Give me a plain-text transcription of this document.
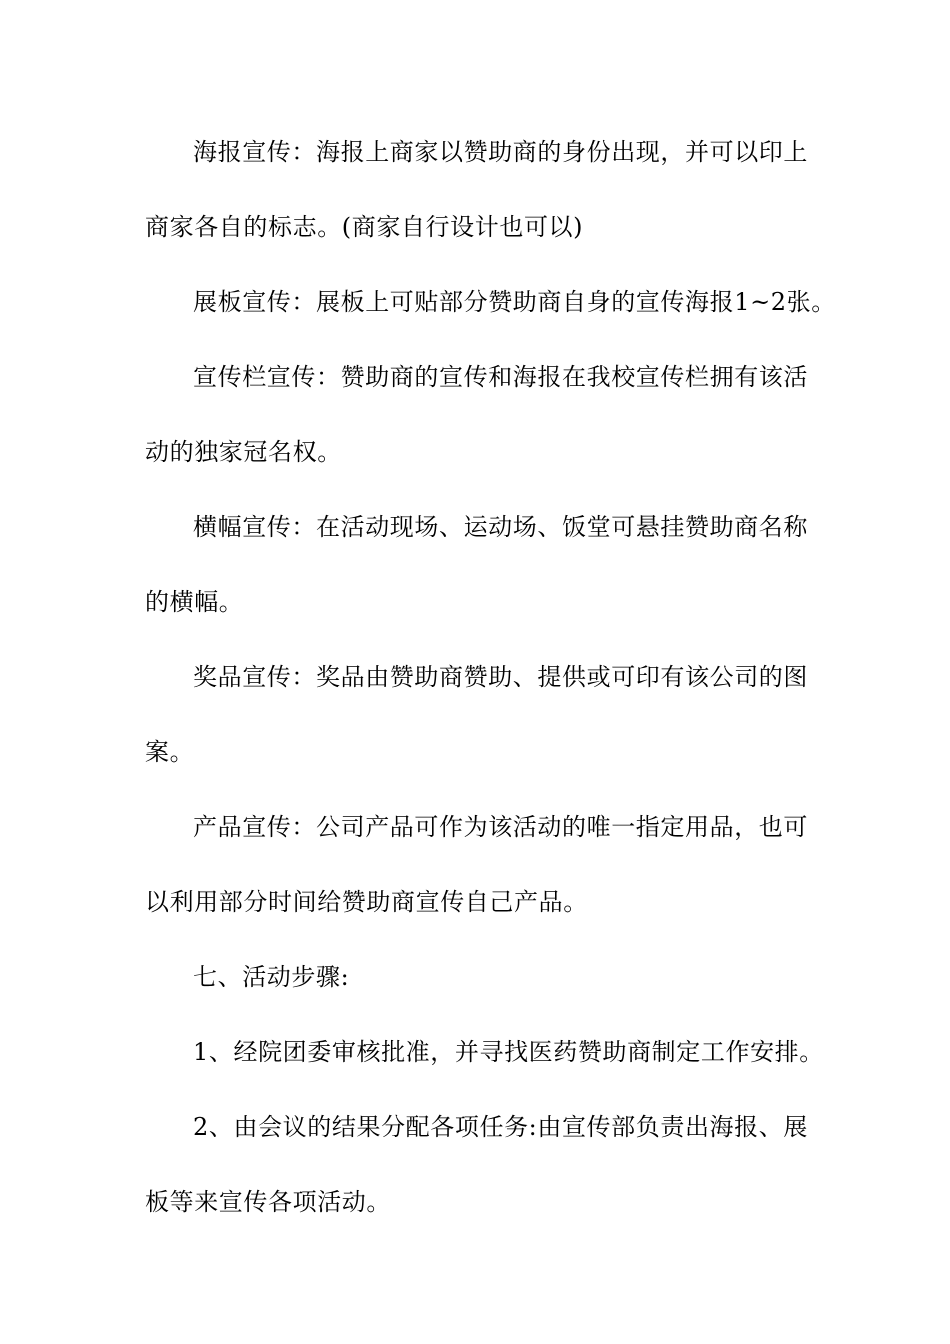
海报宣传：海报上商家以赞助商的身份出现，并可以印上
商家各自的标志。(商家自行设计也可以)
展板宣传：展板上可贴部分赞助商自身的宣传海报1~2张。
宣传栏宣传：赞助商的宣传和海报在我校宣传栏拥有该活
动的独家冠名权。
横幅宣传：在活动现场、运动场、饭堂可悬挂赞助商名称
的横幅。
奖品宣传：奖品由赞助商赞助、提供或可印有该公司的图
案。
产品宣传：公司产品可作为该活动的唯一指定用品，也可
以利用部分时间给赞助商宣传自己产品。
七、活动步骤:
1、经院团委审核批准，并寻找医药赞助商制定工作安排。
2、由会议的结果分配各项任务:由宣传部负责出海报、展
板等来宣传各项活动。
